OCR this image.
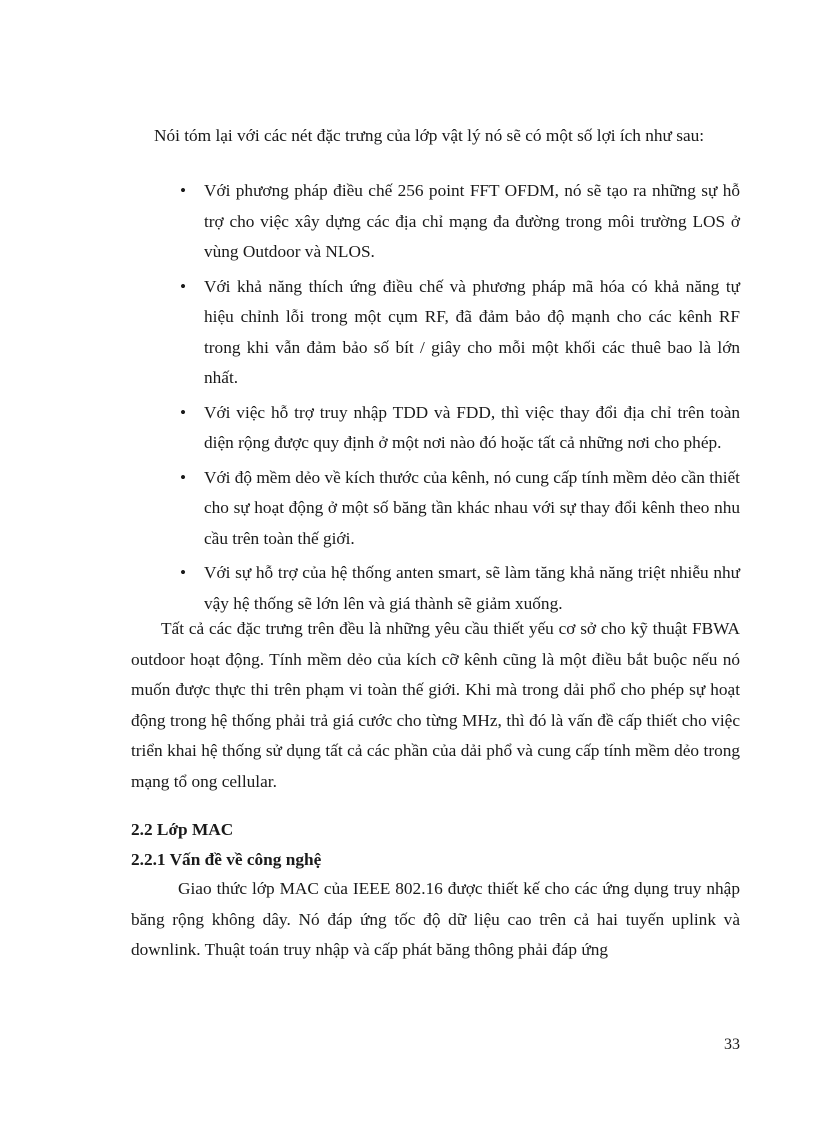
Nói tóm lại với các nét đặc trưng của lớp vật lý nó sẽ có một số lợi ích như sau:

•	Với phương pháp điều chế 256 point FFT OFDM, nó sẽ tạo ra những sự hỗ trợ cho việc xây dựng các địa chỉ mạng đa đường trong môi trường LOS ở vùng Outdoor và NLOS.
•	Với khả năng thích ứng điều chế và phương pháp mã hóa có khả năng tự hiệu chỉnh lỗi trong một cụm RF, đã đảm bảo độ mạnh cho các kênh RF trong khi vẫn đảm bảo số bít / giây cho mỗi một khối các thuê bao là lớn nhất.
•	Với việc hỗ trợ truy nhập TDD và FDD, thì việc thay đổi địa chỉ trên toàn diện rộng được quy định ở một nơi nào đó hoặc tất cả những nơi cho phép.
•	Với độ mềm dẻo về kích thước của kênh, nó cung cấp tính mềm dẻo cần thiết cho sự hoạt động ở một số băng tần khác nhau với sự thay đổi kênh theo nhu cầu trên toàn thế giới.
•	Với sự hỗ trợ của hệ thống anten smart, sẽ làm tăng khả năng triệt nhiễu như vậy hệ thống sẽ lớn lên và giá thành sẽ giảm xuống.

Tất cả các đặc trưng trên đều là những yêu cầu thiết yếu cơ sở cho kỹ thuật FBWA outdoor hoạt động. Tính mềm dẻo của kích cỡ kênh cũng là một điều bắt buộc nếu nó muốn được thực thi trên phạm vi toàn thế giới. Khi mà trong dải phổ cho phép sự hoạt động trong hệ thống phải trả giá cước cho từng MHz, thì đó là vấn đề cấp thiết cho việc triển khai hệ thống sử dụng tất cả các phần của dải phổ và cung cấp tính mềm dẻo trong mạng tổ ong cellular.

2.2 Lớp MAC
2.2.1 Vấn đề về công nghệ

Giao thức lớp MAC của IEEE 802.16 được thiết kế cho các ứng dụng truy nhập băng rộng không dây. Nó đáp ứng tốc độ dữ liệu cao trên cả hai tuyến uplink và downlink. Thuật toán truy nhập và cấp phát băng thông phải đáp ứng

33
